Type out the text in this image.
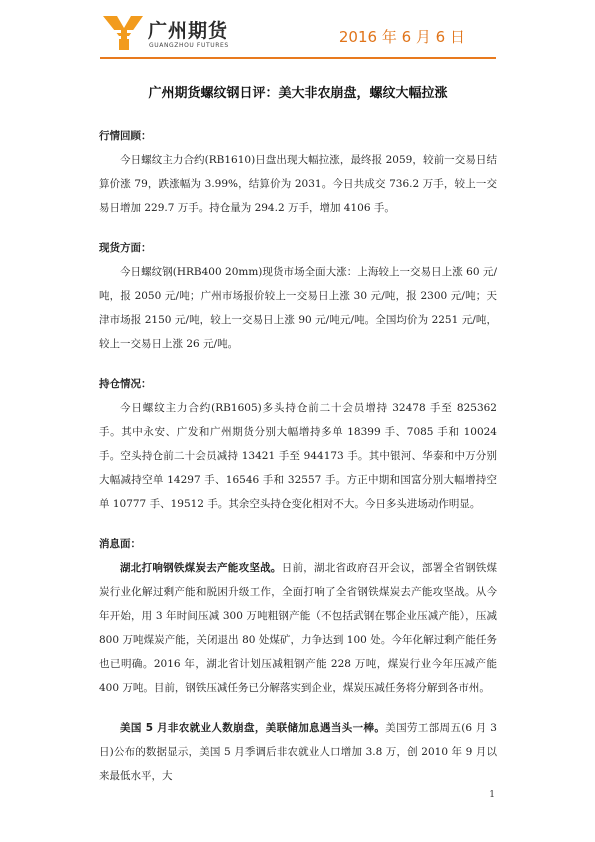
广州期货
GUANGZHOU FUTURES	2016 年 6 月 6 日
广州期货螺纹钢日评：美大非农崩盘，螺纹大幅拉涨

行情回顾：

今日螺纹主力合约(RB1610)日盘出现大幅拉涨，最终报 2059，较前一交易日结算价涨 79，跌涨幅为 3.99%，结算价为 2031。今日共成交 736.2 万手，较上一交易日增加 229.7 万手。持仓量为 294.2 万手，增加 4106 手。

现货方面：

今日螺纹钢(HRB400 20mm)现货市场全面大涨：上海较上一交易日上涨 60 元/吨，报 2050 元/吨；广州市场报价较上一交易日上涨 30 元/吨，报 2300 元/吨；天津市场报 2150 元/吨，较上一交易日上涨 90 元/吨元/吨。全国均价为 2251 元/吨，较上一交易日上涨 26 元/吨。

持仓情况：

今日螺纹主力合约(RB1605)多头持仓前二十会员增持 32478 手至 825362 手。其中永安、广发和广州期货分别大幅增持多单 18399 手、7085 手和 10024 手。空头持仓前二十会员减持 13421 手至 944173 手。其中银河、华泰和中万分别大幅减持空单 14297 手、16546 手和 32557 手。方正中期和国富分别大幅增持空单 10777 手、19512 手。其余空头持仓变化相对不大。今日多头进场动作明显。

消息面：

湖北打响钢铁煤炭去产能攻坚战。日前，湖北省政府召开会议，部署全省钢铁煤炭行业化解过剩产能和脱困升级工作，全面打响了全省钢铁煤炭去产能攻坚战。从今年开始，用 3 年时间压减 300 万吨粗钢产能（不包括武钢在鄂企业压减产能），压减 800 万吨煤炭产能，关闭退出 80 处煤矿，力争达到 100 处。今年化解过剩产能任务也已明确。2016 年，湖北省计划压减粗钢产能 228 万吨，煤炭行业今年压减产能 400 万吨。目前，钢铁压减任务已分解落实到企业，煤炭压减任务将分解到各市州。

美国 5 月非农就业人数崩盘，美联储加息遇当头一棒。美国劳工部周五(6 月 3 日)公布的数据显示，美国 5 月季调后非农就业人口增加 3.8 万，创 2010 年 9 月以来最低水平，大

1
